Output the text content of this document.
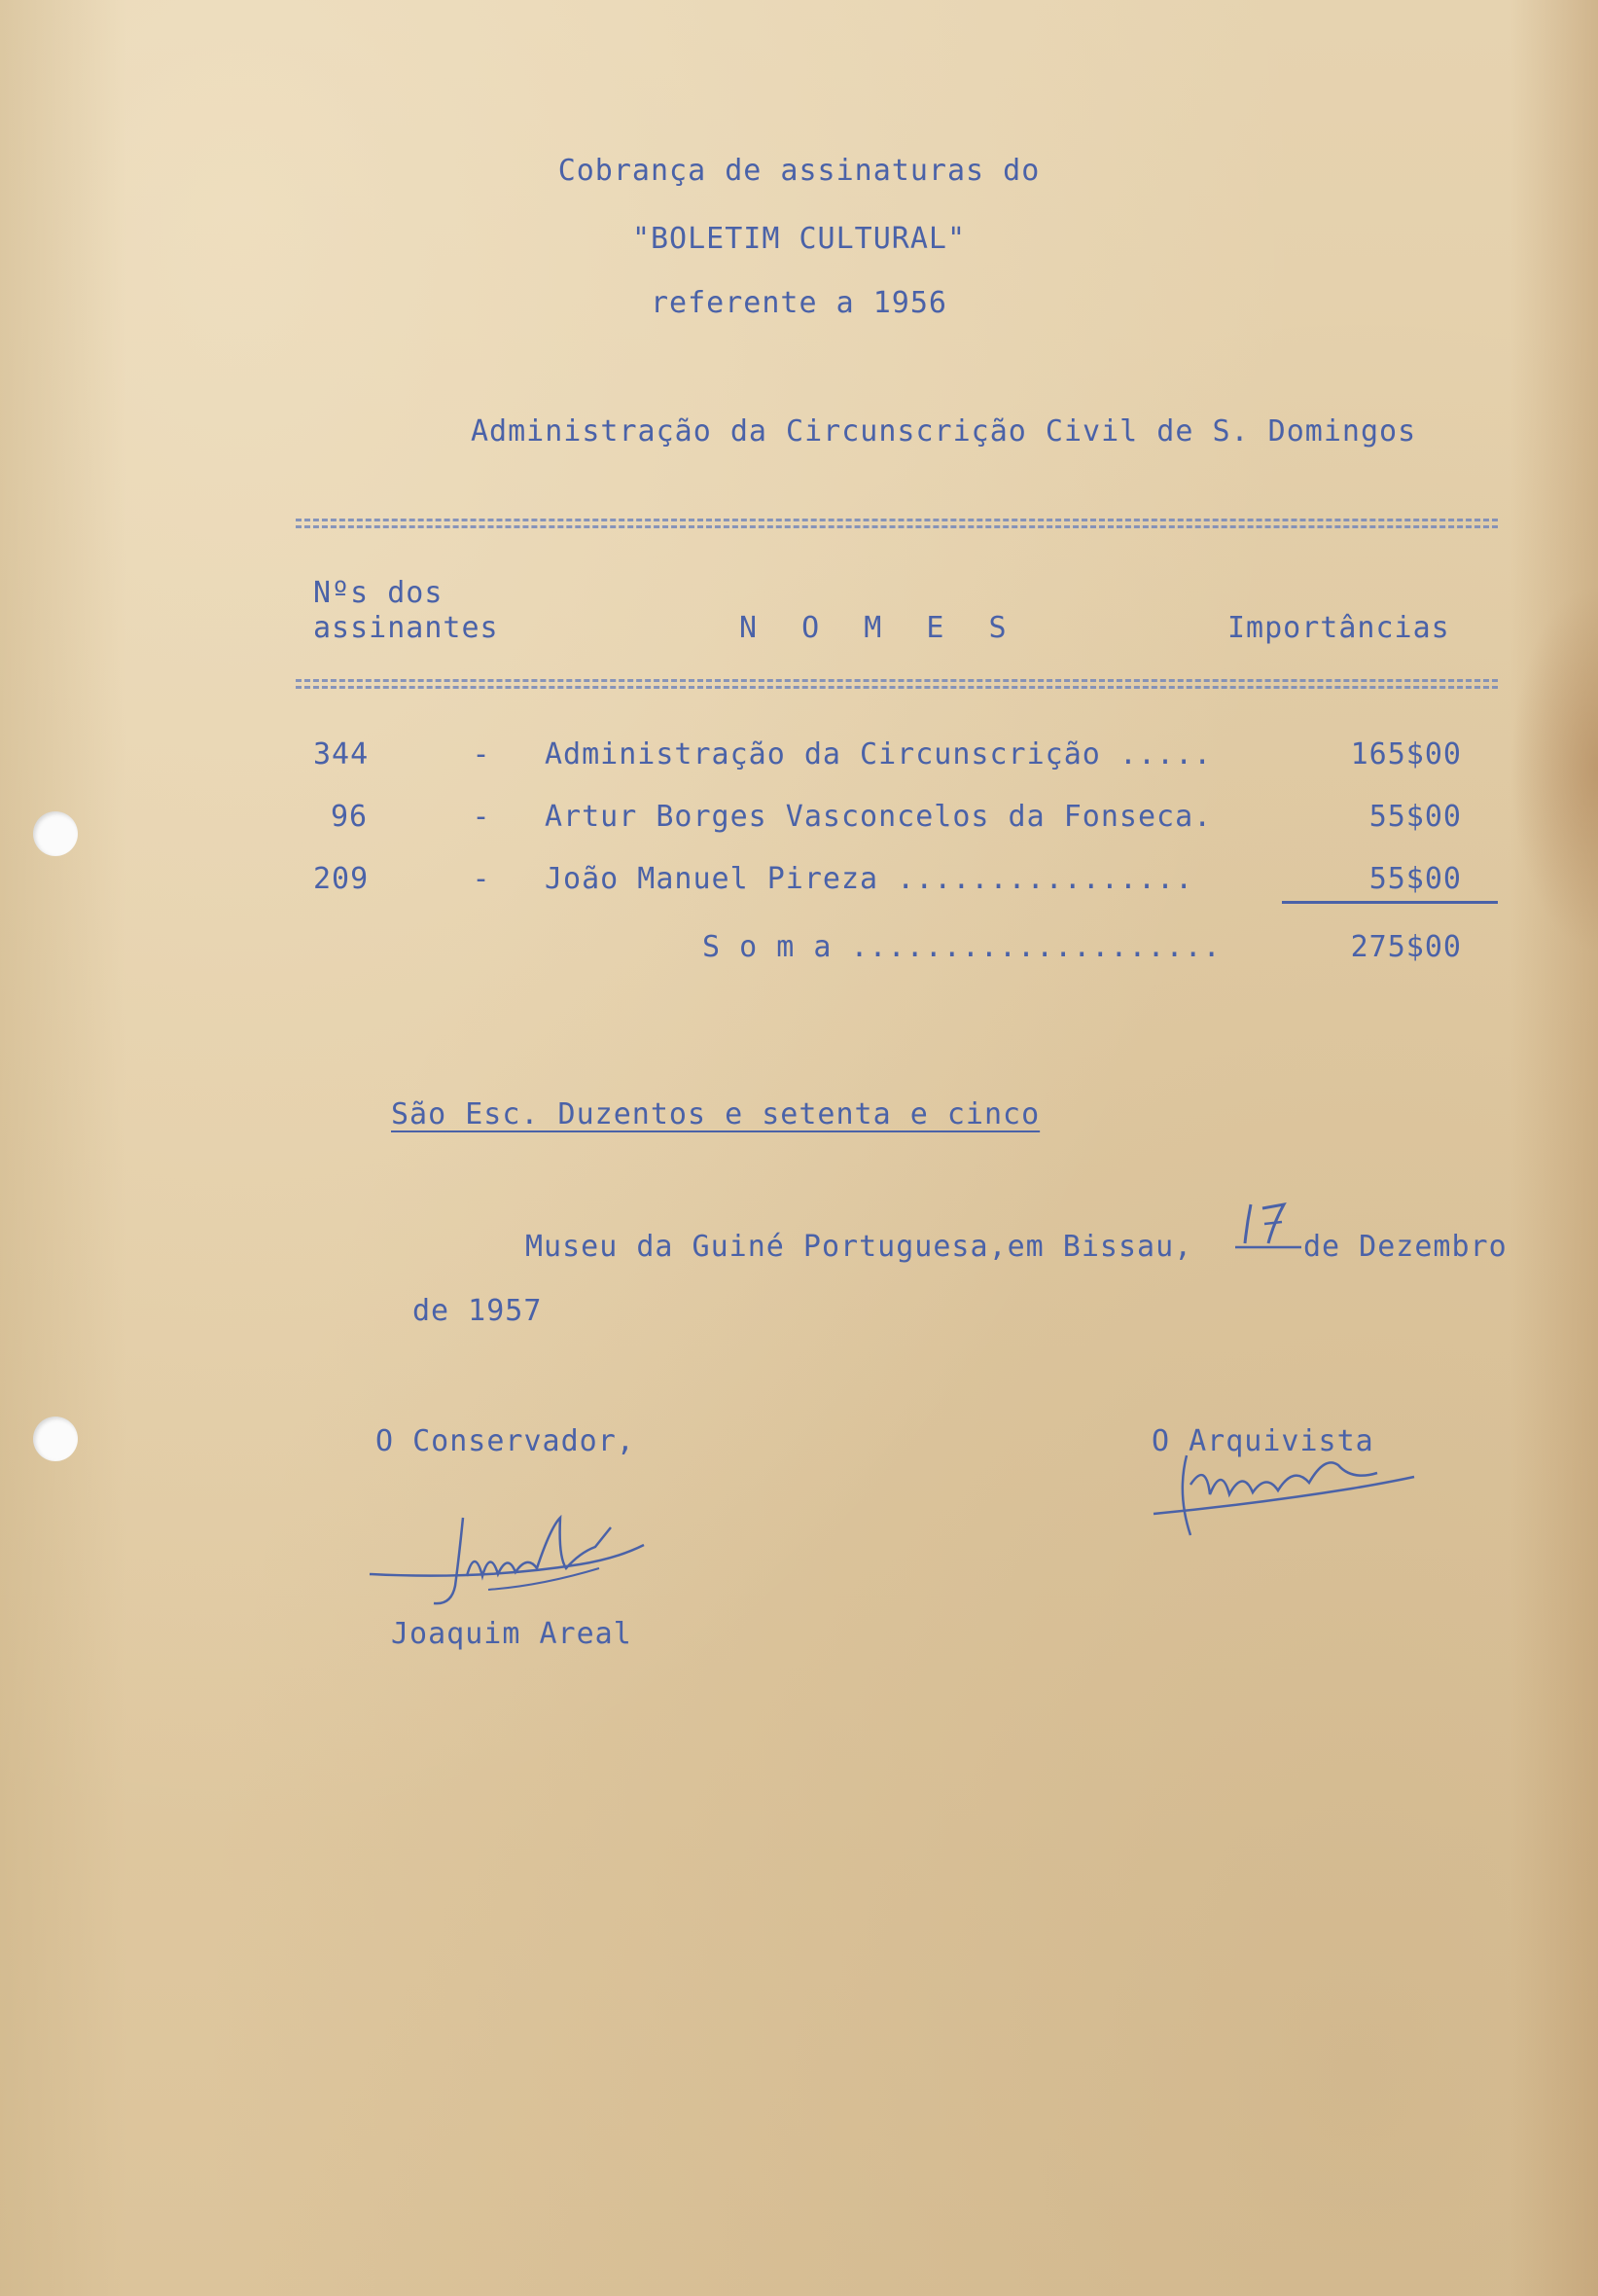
Cobrança de assinaturas do
"BOLETIM CULTURAL"
referente a 1956
Administração da Circunscrição Civil de S. Domingos
Nºs dos
assinantes	N O M E S	Importâncias
344	- Administração da Circunscrição .....	165$00
96	- Artur Borges Vasconcelos da Fonseca.	55$00
209	- João Manuel Pireza ................	55$00
S o m a ....................	275$00
São Esc. Duzentos e setenta e cinco
Museu da Guiné Portuguesa,em Bissau,	de Dezembro
de 1957
O Conservador,
Joaquim Areal
O Arquivista
